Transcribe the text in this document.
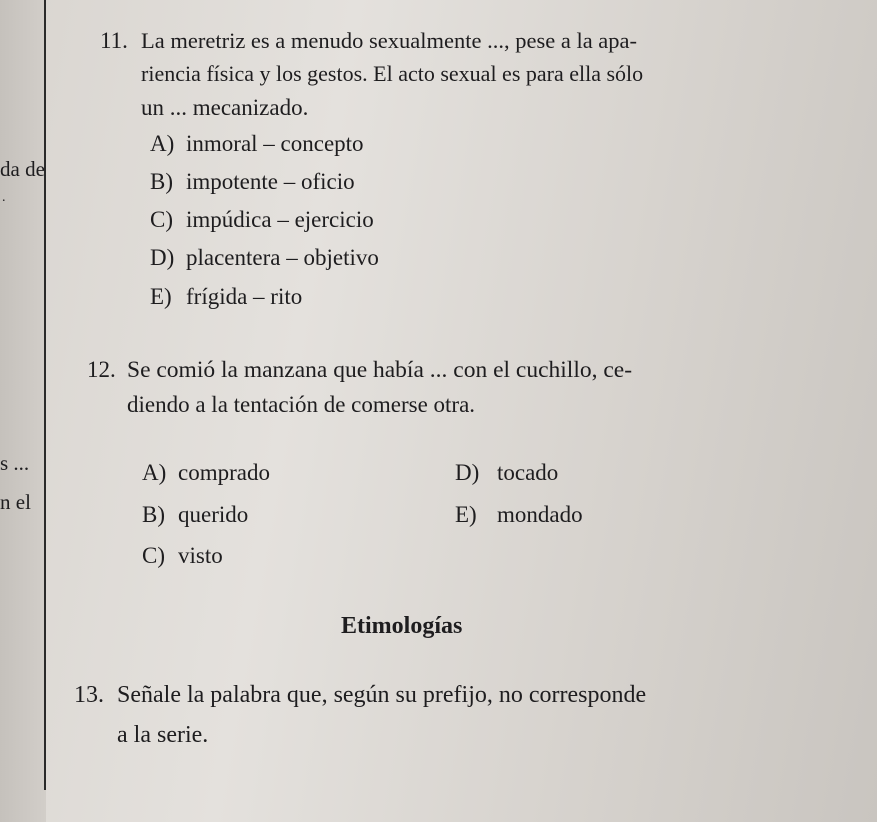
da de
.
s ...
n el
11. La meretriz es a menudo sexualmente ..., pese a la apa-
riencia física y los gestos. El acto sexual es para ella sólo
un ... mecanizado.
A) inmoral – concepto
B) impotente – oficio
C) impúdica – ejercicio
D) placentera – objetivo
E) frígida – rito
12. Se comió la manzana que había ... con el cuchillo, ce-
diendo a la tentación de comerse otra.
A) comprado	D) tocado
B) querido	E) mondado
C) visto
Etimologías
13. Señale la palabra que, según su prefijo, no corresponde
a la serie.
